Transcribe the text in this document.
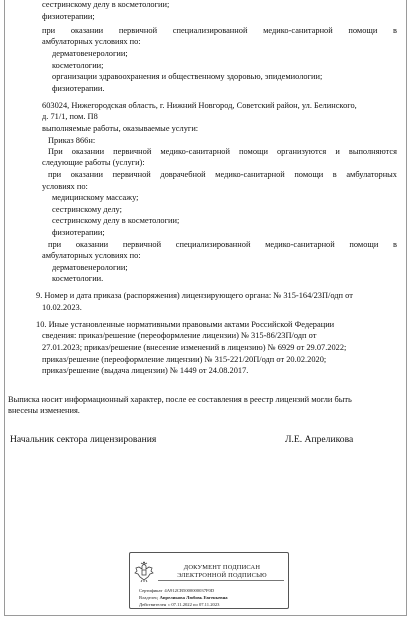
сестринскому делу в косметологии;
физиотерапии;
при оказании первичной специализированной медико-санитарной помощи в
амбулаторных условиях по:
дерматовенерологии;
косметологии;
организации здравоохранения и общественному здоровью, эпидемиологии;
физиотерапии.
603024, Нижегородская область, г. Нижний Новгород, Советский район, ул. Белинского,
д. 71/1, пом. П8
выполняемые работы, оказываемые услуги:
Приказ 866н:
При оказании первичной медико-санитарной помощи организуются и выполняются
следующие работы (услуги):
при оказании первичной доврачебной медико-санитарной помощи в амбулаторных
условиях по:
медицинскому массажу;
сестринскому делу;
сестринскому делу в косметологии;
физиотерапии;
при оказании первичной специализированной медико-санитарной помощи в
амбулаторных условиях по:
дерматовенерологии;
косметологии.
9. Номер и дата приказа (распоряжения) лицензирующего органа: № 315-164/23П/одп от
10.02.2023.
10. Иные установленные нормативными правовыми актами Российской Федерации
сведения: приказ/решение (переоформление лицензии) № 315-86/23П/одп от
27.01.2023; приказ/решение (внесение изменений в лицензию) № 6929 от 29.07.2022;
приказ/решение (переоформление лицензии) № 315-221/20П/одп от 20.02.2020;
приказ/решение (выдача лицензии) № 1449 от 24.08.2017.
Выписка носит информационный характер, после ее составления в реестр лицензий могли быть
внесены изменения.
Начальник сектора лицензирования	Л.Е. Апреликова
ДОКУМЕНТ ПОДПИСАН
ЭЛЕКТРОННОЙ ПОДПИСЬЮ
Сертификат 4A912CB5000000037F0D
Владелец Апреликова Любовь Евгеньевна
Действителен с 07.11.2022 по 07.11.2023
